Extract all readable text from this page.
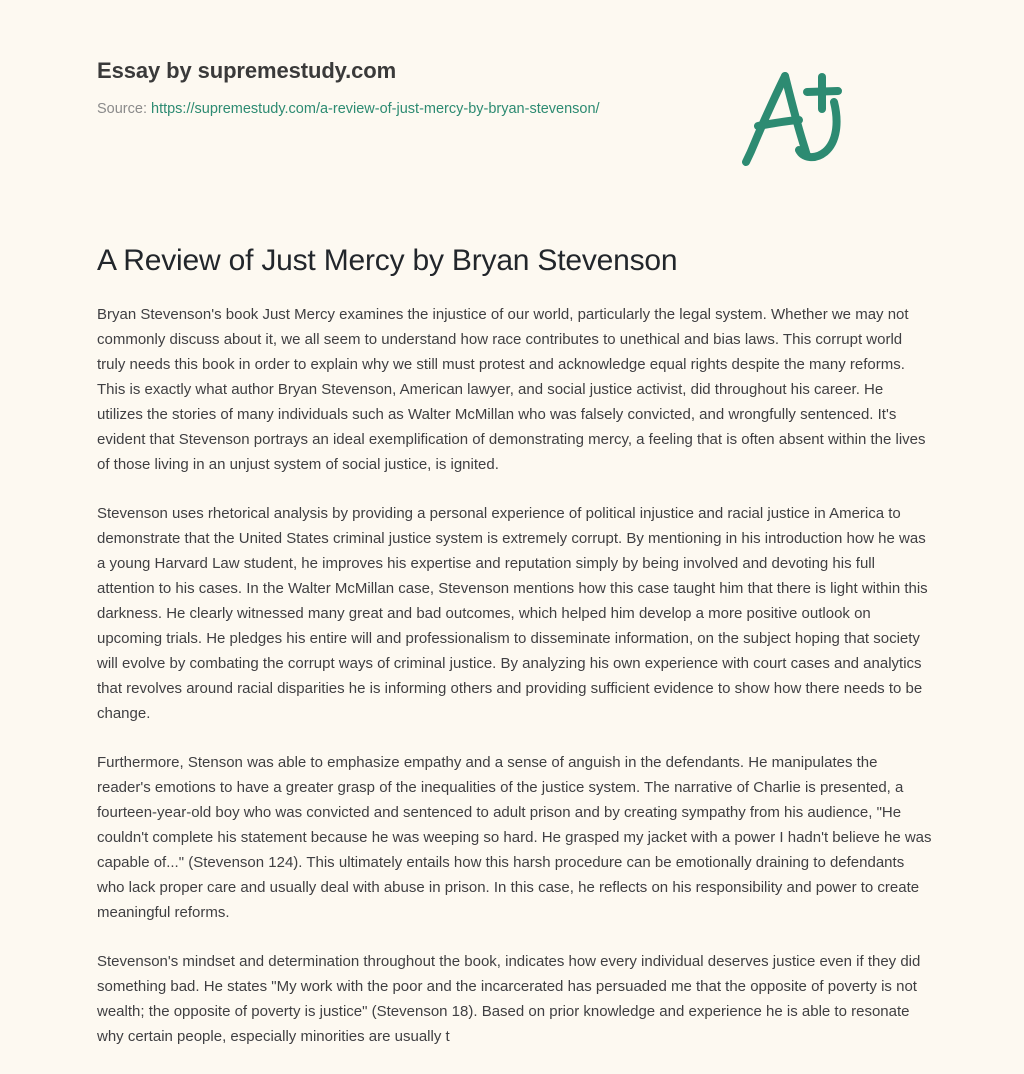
Essay by supremestudy.com
Source: https://supremestudy.com/a-review-of-just-mercy-by-bryan-stevenson/
A Review of Just Mercy by Bryan Stevenson

Bryan Stevenson's book Just Mercy examines the injustice of our world, particularly the legal system. Whether we may not commonly discuss about it, we all seem to understand how race contributes to unethical and bias laws. This corrupt world truly needs this book in order to explain why we still must protest and acknowledge equal rights despite the many reforms. This is exactly what author Bryan Stevenson, American lawyer, and social justice activist, did throughout his career. He utilizes the stories of many individuals such as Walter McMillan who was falsely convicted, and wrongfully sentenced. It's evident that Stevenson portrays an ideal exemplification of demonstrating mercy, a feeling that is often absent within the lives of those living in an unjust system of social justice, is ignited.

Stevenson uses rhetorical analysis by providing a personal experience of political injustice and racial justice in America to demonstrate that the United States criminal justice system is extremely corrupt. By mentioning in his introduction how he was a young Harvard Law student, he improves his expertise and reputation simply by being involved and devoting his full attention to his cases. In the Walter McMillan case, Stevenson mentions how this case taught him that there is light within this darkness. He clearly witnessed many great and bad outcomes, which helped him develop a more positive outlook on upcoming trials. He pledges his entire will and professionalism to disseminate information, on the subject hoping that society will evolve by combating the corrupt ways of criminal justice. By analyzing his own experience with court cases and analytics that revolves around racial disparities he is informing others and providing sufficient evidence to show how there needs to be change.

Furthermore, Stenson was able to emphasize empathy and a sense of anguish in the defendants. He manipulates the reader's emotions to have a greater grasp of the inequalities of the justice system. The narrative of Charlie is presented, a fourteen-year-old boy who was convicted and sentenced to adult prison and by creating sympathy from his audience, "He couldn't complete his statement because he was weeping so hard. He grasped my jacket with a power I hadn't believe he was capable of..." (Stevenson 124). This ultimately entails how this harsh procedure can be emotionally draining to defendants who lack proper care and usually deal with abuse in prison. In this case, he reflects on his responsibility and power to create meaningful reforms.

Stevenson's mindset and determination throughout the book, indicates how every individual deserves justice even if they did something bad. He states "My work with the poor and the incarcerated has persuaded me that the opposite of poverty is not wealth; the opposite of poverty is justice" (Stevenson 18). Based on prior knowledge and experience he is able to resonate why certain people, especially minorities are usually t
